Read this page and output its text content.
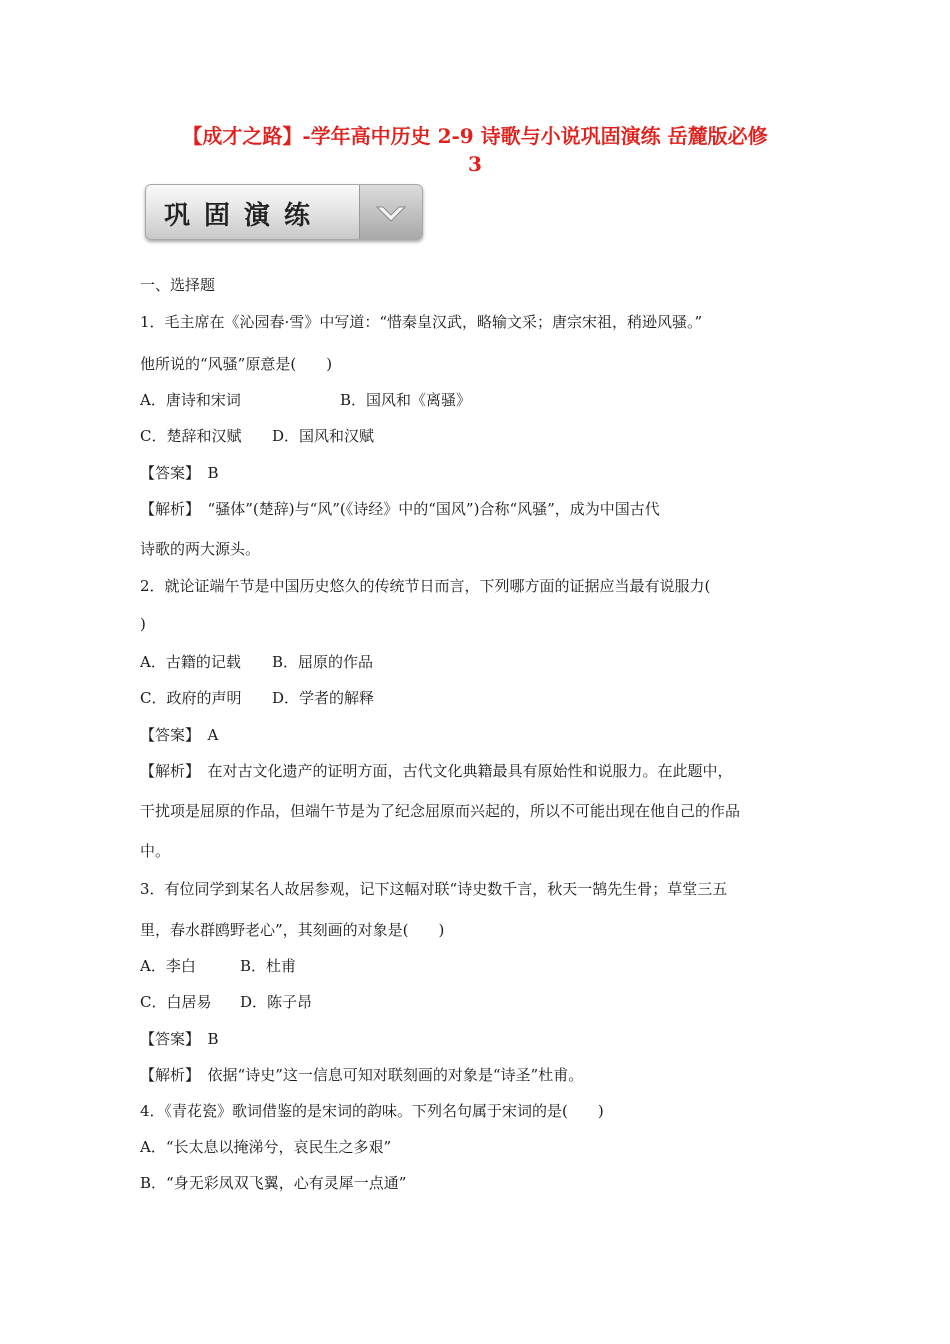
【成才之路】-学年高中历史 2-9 诗歌与小说巩固演练 岳麓版必修
3
巩固演练
一、选择题
1．毛主席在《沁园春·雪》中写道：“惜秦皇汉武，略输文采；唐宗宋祖，稍逊风骚。”
他所说的“风骚”原意是(　　)
A．唐诗和宋词	B．国风和《离骚》
C．楚辞和汉赋 D．国风和汉赋
【答案】　 B
【解析】　 “骚体”(楚辞)与“风”(《诗经》中的“国风”)合称“风骚”，成为中国古代
诗歌的两大源头。
2．就论证端午节是中国历史悠久的传统节日而言，下列哪方面的证据应当最有说服力(
)
A．古籍的记载 B．屈原的作品
C．政府的声明 D．学者的解释
【答案】　 A
【解析】　 在对古文化遗产的证明方面，古代文化典籍最具有原始性和说服力。在此题中，
干扰项是屈原的作品，但端午节是为了纪念屈原而兴起的，所以不可能出现在他自己的作品
中。
3．有位同学到某名人故居参观，记下这幅对联“诗史数千言，秋天一鹄先生骨；草堂三五
里，春水群鸥野老心”，其刻画的对象是(　　)
A．李白	B．杜甫
C．白居易 D．陈子昂
【答案】　 B
【解析】　 依据“诗史”这一信息可知对联刻画的对象是“诗圣”杜甫。
4．《青花瓷》歌词借鉴的是宋词的韵味。下列名句属于宋词的是(　　)
A．“长太息以掩涕兮，哀民生之多艰”
B．“身无彩凤双飞翼，心有灵犀一点通”
